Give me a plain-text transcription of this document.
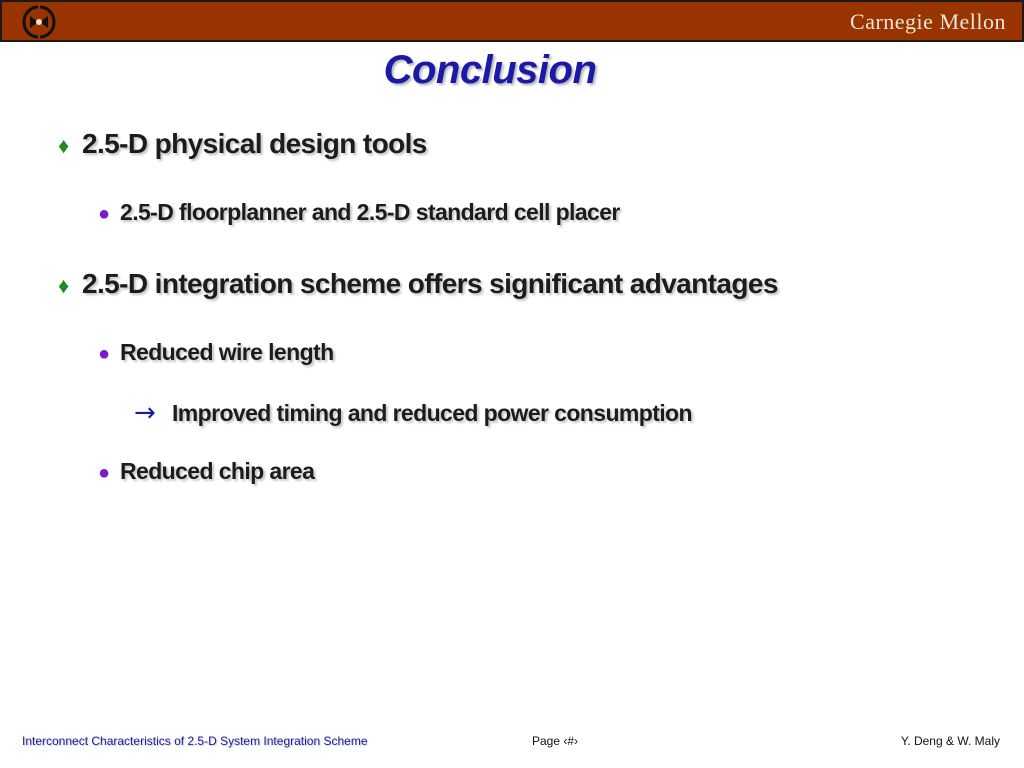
Carnegie Mellon
Conclusion
♦ 2.5-D physical design tools
● 2.5-D floorplanner and 2.5-D standard cell placer
♦ 2.5-D integration scheme offers significant advantages
● Reduced wire length
→ Improved timing and reduced power consumption
● Reduced chip area
Interconnect Characteristics of 2.5-D System Integration Scheme	Page ‹#›	Y. Deng & W. Maly
